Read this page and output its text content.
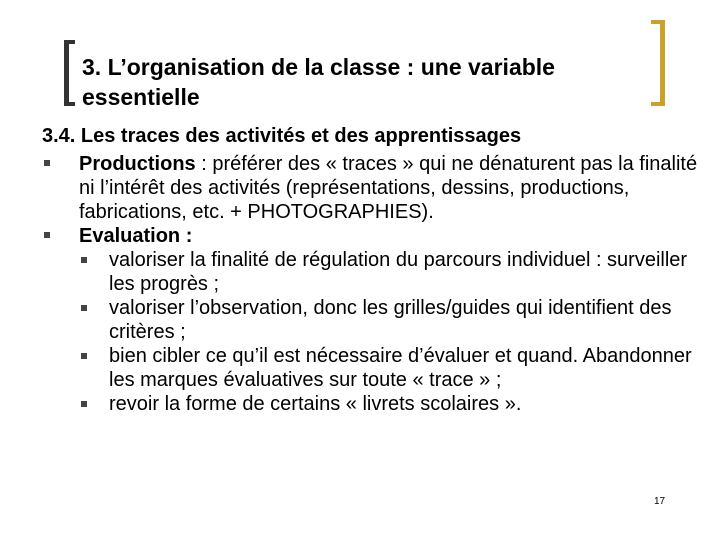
3. L’organisation de la classe : une variable essentielle
3.4. Les traces des activités et des apprentissages
Productions : préférer des « traces » qui ne dénaturent pas la finalité ni l’intérêt des activités (représentations, dessins, productions, fabrications, etc. + PHOTOGRAPHIES).
Evaluation :
valoriser la finalité de régulation du parcours individuel : surveiller les progrès ;
valoriser l’observation, donc les grilles/guides qui identifient des critères ;
bien cibler ce qu’il est nécessaire d’évaluer et quand. Abandonner les marques évaluatives sur toute « trace » ;
revoir la forme de certains « livrets scolaires ».
17
